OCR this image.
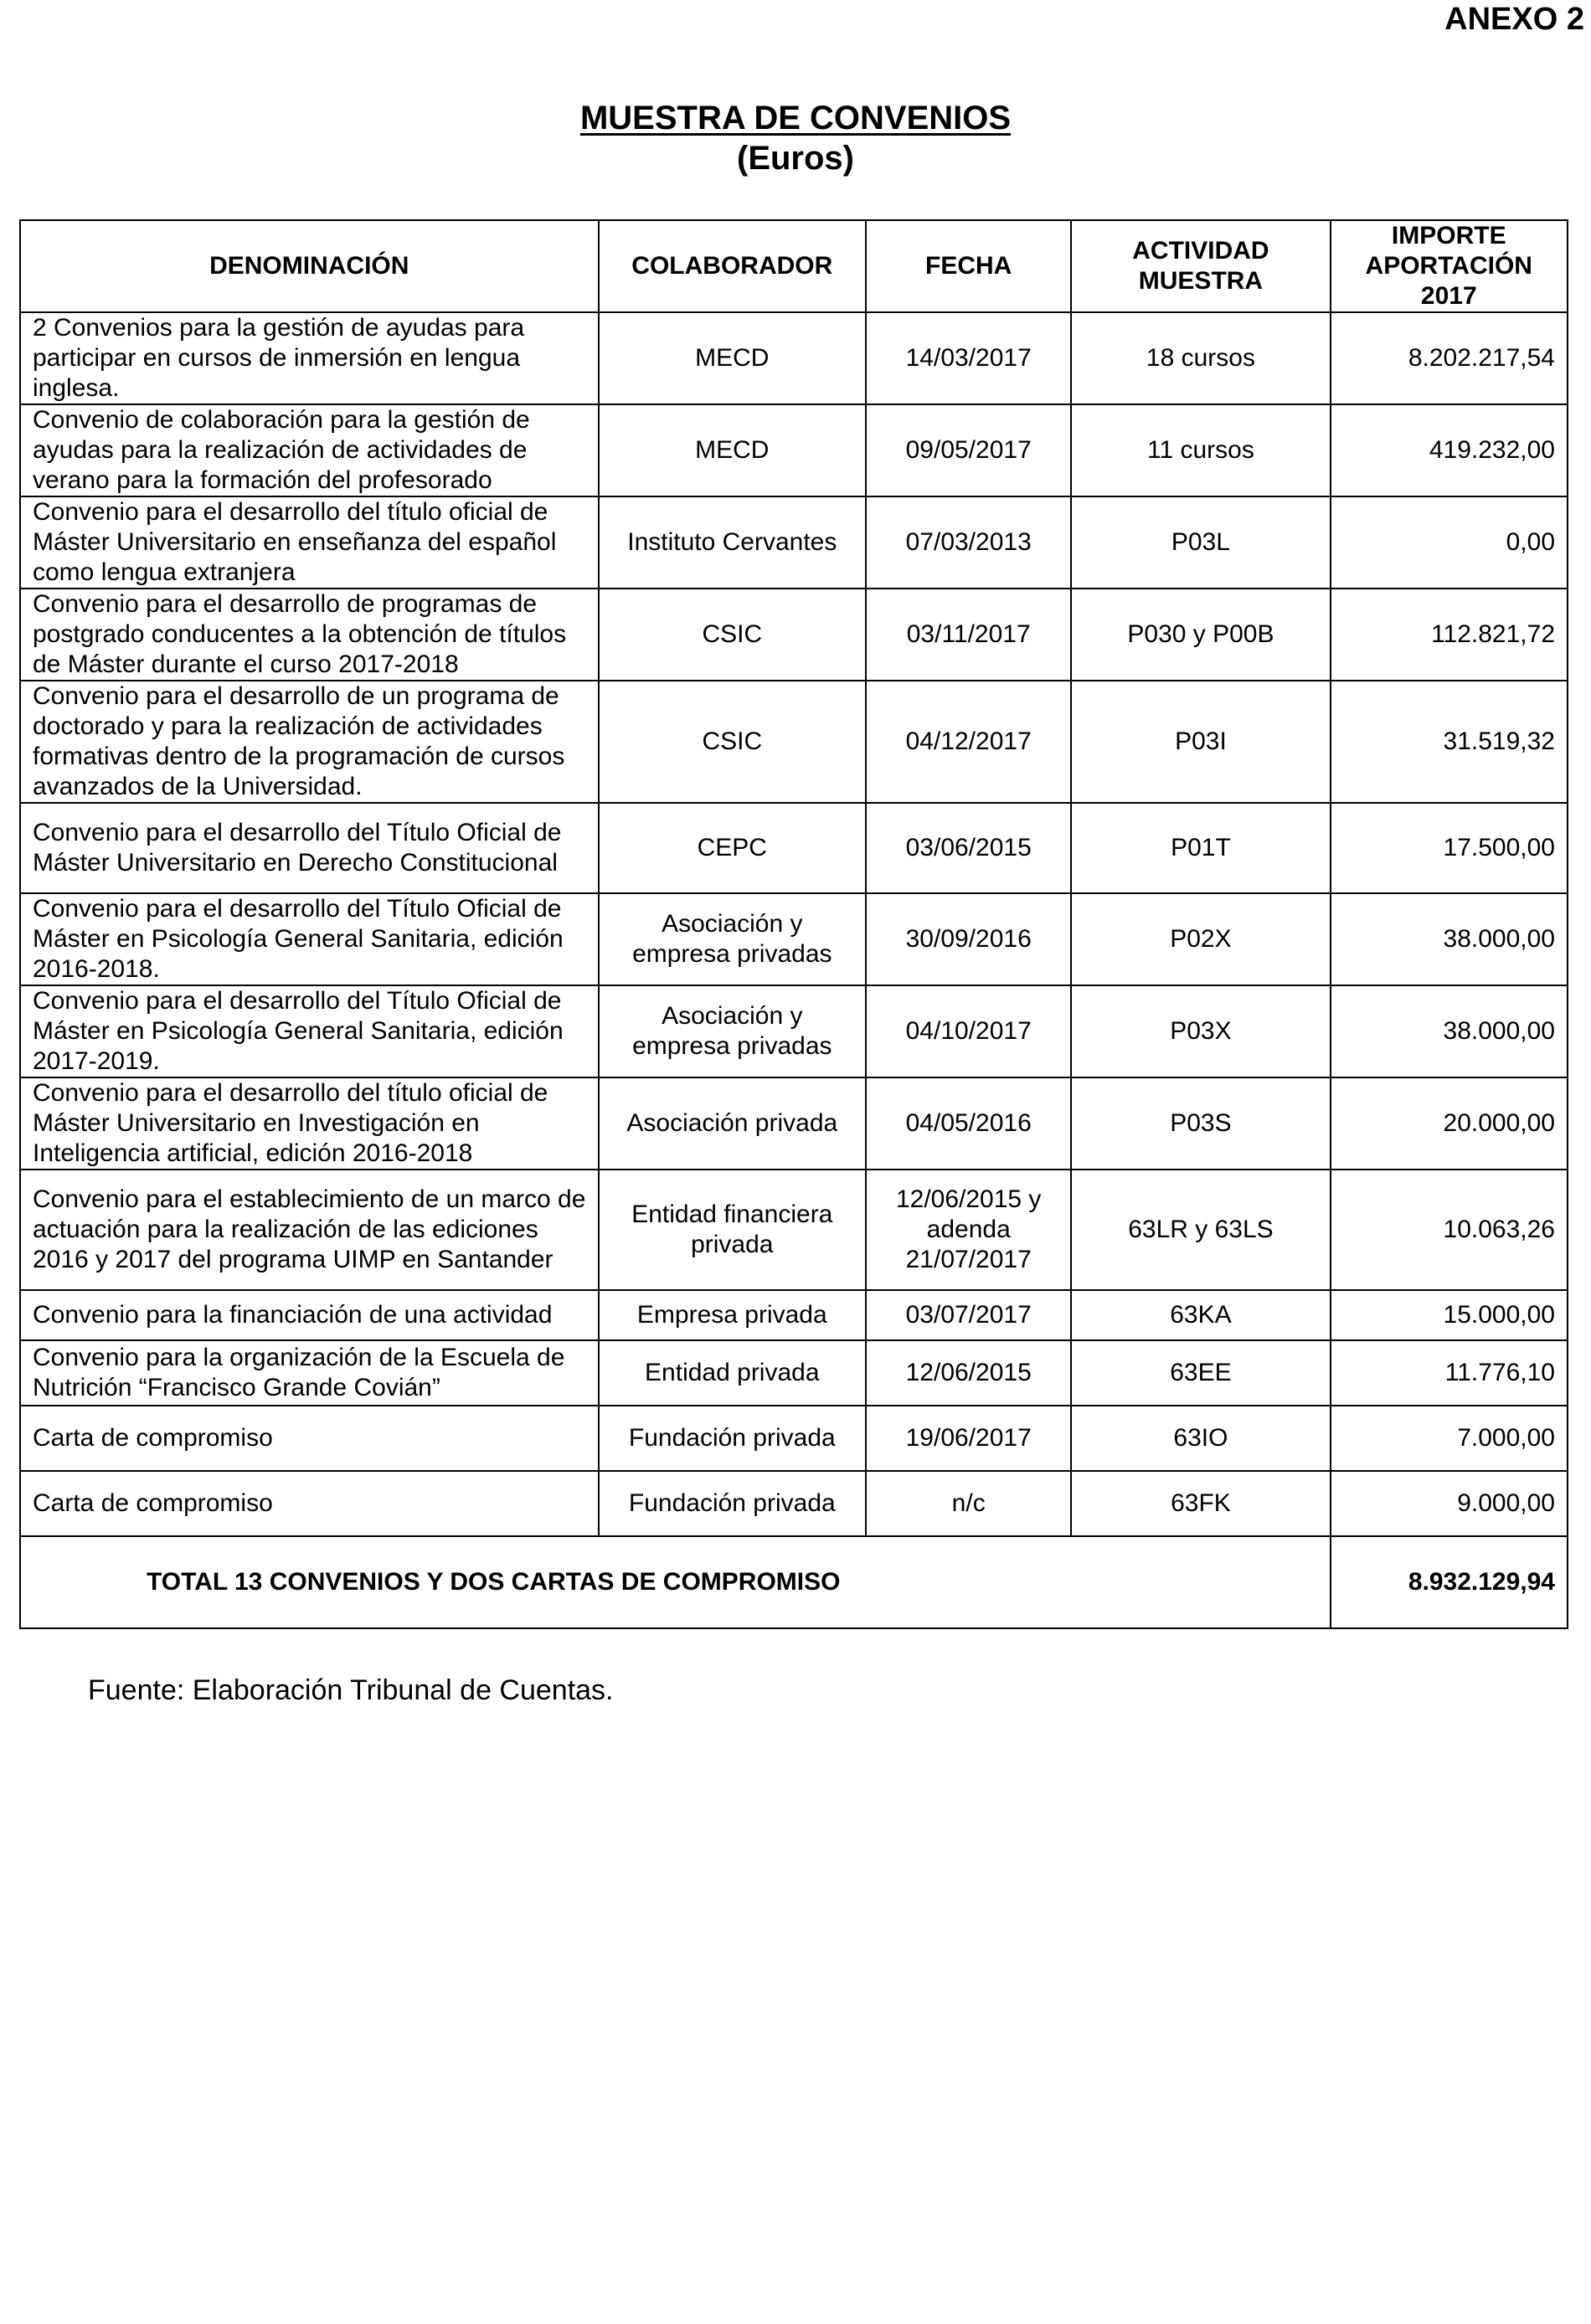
ANEXO 2
MUESTRA DE CONVENIOS
(Euros)
DENOMINACIÓN	COLABORADOR	FECHA	ACTIVIDAD MUESTRA	IMPORTE
APORTACIÓN
2017

2 Convenios para la gestión de ayudas para participar en cursos de inmersión en lengua inglesa.	MECD	14/03/2017	18 cursos	8.202.217,54
Convenio de colaboración para la gestión de ayudas para la realización de actividades de verano para la formación del profesorado	MECD	09/05/2017	11 cursos	419.232,00
Convenio para el desarrollo del título oficial de Máster Universitario en enseñanza del español como lengua extranjera	Instituto Cervantes	07/03/2013	P03L	0,00
Convenio para el desarrollo de programas de postgrado conducentes a la obtención de títulos de Máster durante el curso 2017-2018	CSIC	03/11/2017	P030 y P00B	112.821,72
Convenio para el desarrollo de un programa de doctorado y para la realización de actividades formativas dentro de la programación de cursos avanzados de la Universidad.	CSIC	04/12/2017	P03I	31.519,32
Convenio para el desarrollo del Título Oficial de Máster Universitario en Derecho Constitucional	CEPC	03/06/2015	P01T	17.500,00
Convenio para el desarrollo del Título Oficial de Máster en Psicología General Sanitaria, edición 2016-2018.	Asociación y empresa privadas	30/09/2016	P02X	38.000,00
Convenio para el desarrollo del Título Oficial de Máster en Psicología General Sanitaria, edición 2017-2019.	Asociación y empresa privadas	04/10/2017	P03X	38.000,00
Convenio para el desarrollo del título oficial de Máster Universitario en Investigación en Inteligencia artificial, edición 2016-2018	Asociación privada	04/05/2016	P03S	20.000,00
Convenio para el establecimiento de un marco de actuación para la realización de las ediciones 2016 y 2017 del programa UIMP en Santander	Entidad financiera privada	12/06/2015 y adenda 21/07/2017	63LR y 63LS	10.063,26
Convenio para la financiación de una actividad	Empresa privada	03/07/2017	63KA	15.000,00
Convenio para la organización de la Escuela de Nutrición “Francisco Grande Covián”	Entidad privada	12/06/2015	63EE	11.776,10
Carta de compromiso	Fundación privada	19/06/2017	63IO	7.000,00
Carta de compromiso	Fundación privada	n/c	63FK	9.000,00
TOTAL 13 CONVENIOS Y DOS CARTAS DE COMPROMISO				8.932.129,94
Fuente: Elaboración Tribunal de Cuentas.
